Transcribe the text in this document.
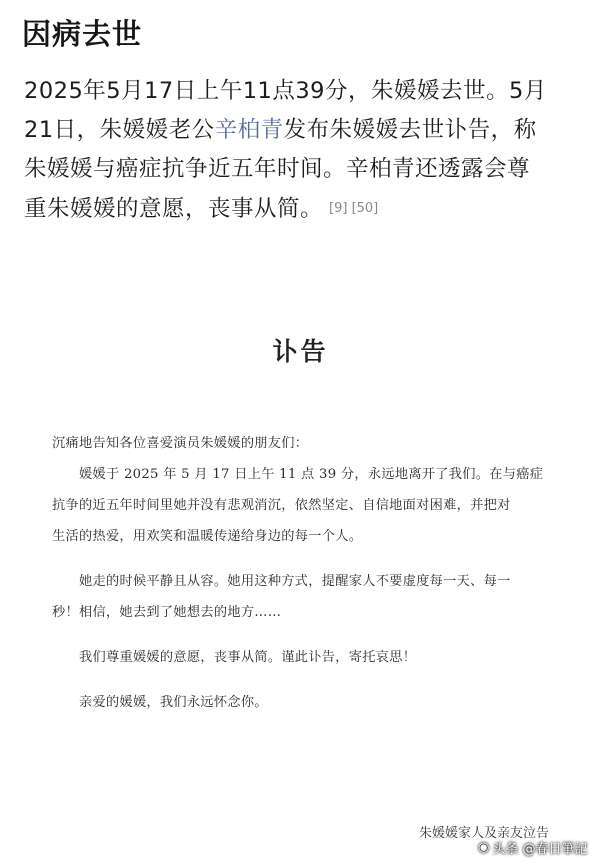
因病去世
2025年5月17日上午11点39分，朱媛媛去世。5月
21日，朱媛媛老公辛柏青发布朱媛媛去世讣告，称
朱媛媛与癌症抗争近五年时间。辛柏青还透露会尊
重朱媛媛的意愿，丧事从简。 [9] [50]
讣告
沉痛地告知各位喜爱演员朱媛媛的朋友们：
媛媛于 2025 年 5 月 17 日上午 11 点 39 分，永远地离开了我们。在与癌症
抗争的近五年时间里她并没有悲观消沉，依然坚定、自信地面对困难，并把对
生活的热爱，用欢笑和温暖传递给身边的每一个人。
她走的时候平静且从容。她用这种方式，提醒家人不要虚度每一天、每一
秒！相信，她去到了她想去的地方……
我们尊重媛媛的意愿，丧事从简。谨此讣告，寄托哀思！
亲爱的媛媛，我们永远怀念你。
朱媛媛家人及亲友泣告
◉ 头条 @春日筆記
